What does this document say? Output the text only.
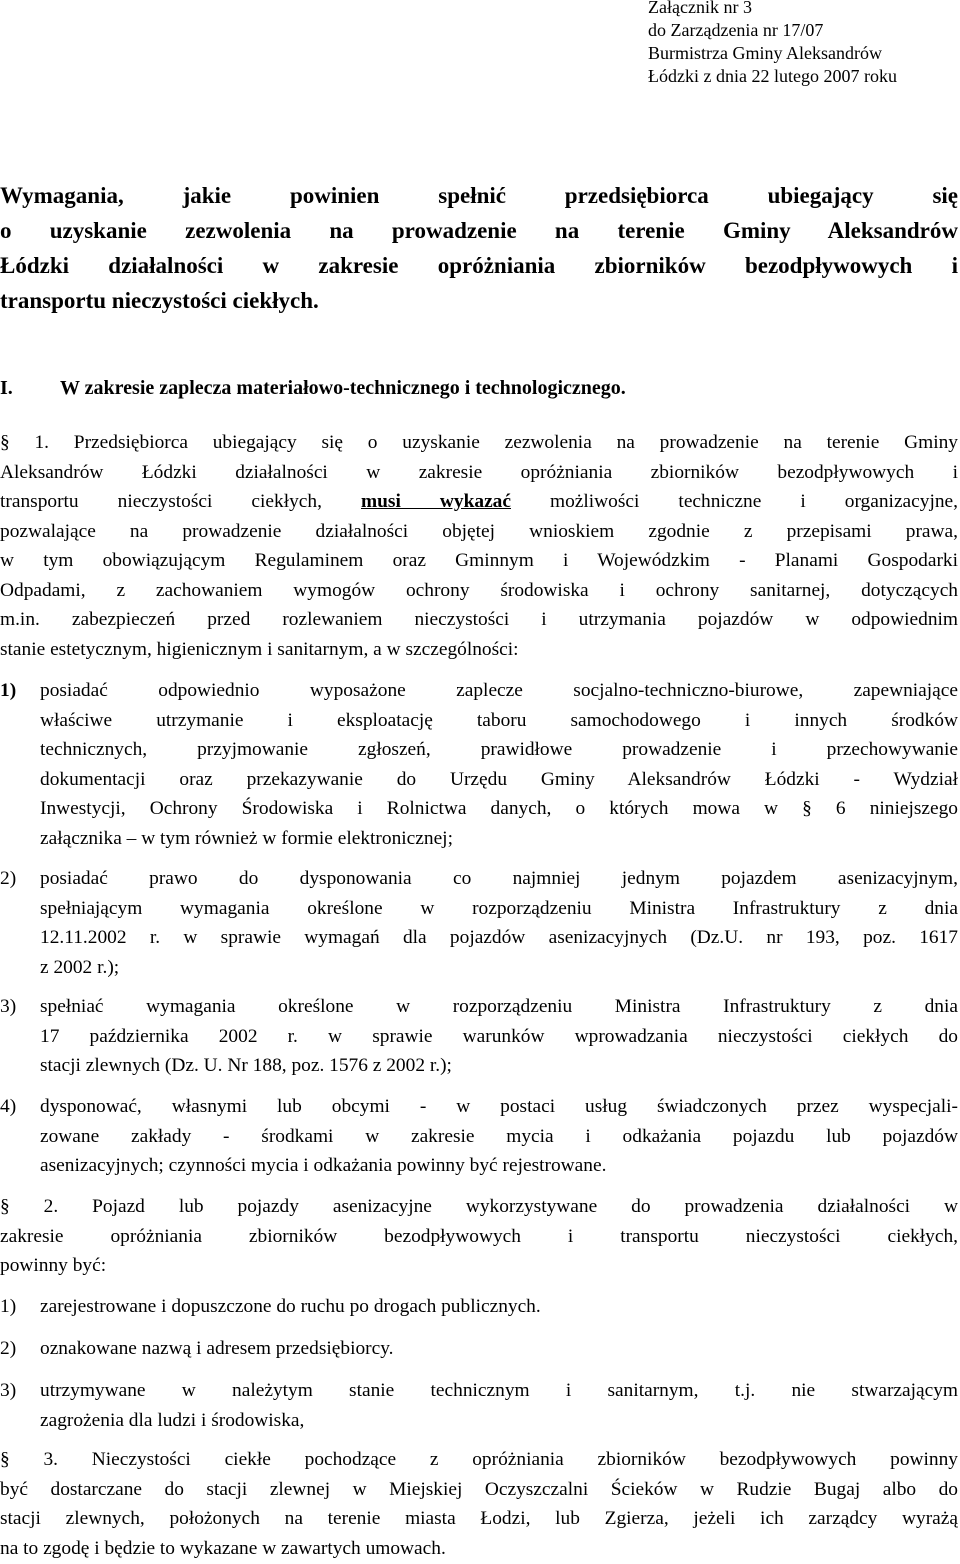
Załącznik nr 3
do Zarządzenia nr 17/07
Burmistrza Gminy Aleksandrów
Łódzki z dnia 22 lutego 2007 roku
Wymagania, jakie powinien spełnić przedsiębiorca ubiegający się
o uzyskanie zezwolenia na prowadzenie na terenie Gminy Aleksandrów
Łódzki działalności w zakresie opróżniania zbiorników bezodpływowych i
transportu nieczystości ciekłych.
I. W zakresie zaplecza materiałowo-technicznego i technologicznego.
§ 1. Przedsiębiorca ubiegający się o uzyskanie zezwolenia na prowadzenie na terenie Gminy
Aleksandrów Łódzki działalności w zakresie opróżniania zbiorników bezodpływowych i
transportu nieczystości ciekłych, musi wykazać możliwości techniczne i organizacyjne,
pozwalające na prowadzenie działalności objętej wnioskiem zgodnie z przepisami prawa,
w tym obowiązującym Regulaminem oraz Gminnym i Wojewódzkim - Planami Gospodarki
Odpadami, z zachowaniem wymogów ochrony środowiska i ochrony sanitarnej, dotyczących
m.in. zabezpieczeń przed rozlewaniem nieczystości i utrzymania pojazdów w odpowiednim
stanie estetycznym, higienicznym i sanitarnym, a w szczególności:
1)	posiadać odpowiednio wyposażone zaplecze socjalno-techniczno-biurowe, zapewniające
właściwe utrzymanie i eksploatację taboru samochodowego i innych środków
technicznych, przyjmowanie zgłoszeń, prawidłowe prowadzenie i przechowywanie
dokumentacji oraz przekazywanie do Urzędu Gminy Aleksandrów Łódzki - Wydział
Inwestycji, Ochrony Środowiska i Rolnictwa danych, o których mowa w § 6 niniejszego
załącznika – w tym również w formie elektronicznej;
2)	posiadać prawo do dysponowania co najmniej jednym pojazdem asenizacyjnym,
spełniającym wymagania określone w rozporządzeniu Ministra Infrastruktury z dnia
12.11.2002 r. w sprawie wymagań dla pojazdów asenizacyjnych (Dz.U. nr 193, poz. 1617
z 2002 r.);
3)	spełniać wymagania określone w rozporządzeniu Ministra Infrastruktury z dnia
17 października 2002 r. w sprawie warunków wprowadzania nieczystości ciekłych do
stacji zlewnych (Dz. U. Nr 188, poz. 1576 z 2002 r.);
4)	dysponować, własnymi lub obcymi - w postaci usług świadczonych przez wyspecjali-
zowane zakłady - środkami w zakresie mycia i odkażania pojazdu lub pojazdów
asenizacyjnych; czynności mycia i odkażania powinny być rejestrowane.
§ 2. Pojazd lub pojazdy asenizacyjne wykorzystywane do prowadzenia działalności w
zakresie opróżniania zbiorników bezodpływowych i transportu nieczystości ciekłych,
powinny być:
1)	zarejestrowane i dopuszczone do ruchu po drogach publicznych.
2)	oznakowane nazwą i adresem przedsiębiorcy.
3)	utrzymywane w należytym stanie technicznym i sanitarnym, t.j. nie stwarzającym
zagrożenia dla ludzi i środowiska,
§ 3. Nieczystości ciekłe pochodzące z opróżniania zbiorników bezodpływowych powinny
być dostarczane do stacji zlewnej w Miejskiej Oczyszczalni Ścieków w Rudzie Bugaj albo do
stacji zlewnych, położonych na terenie miasta Łodzi, lub Zgierza, jeżeli ich zarządcy wyrażą
na to zgodę i będzie to wykazane w zawartych umowach.
